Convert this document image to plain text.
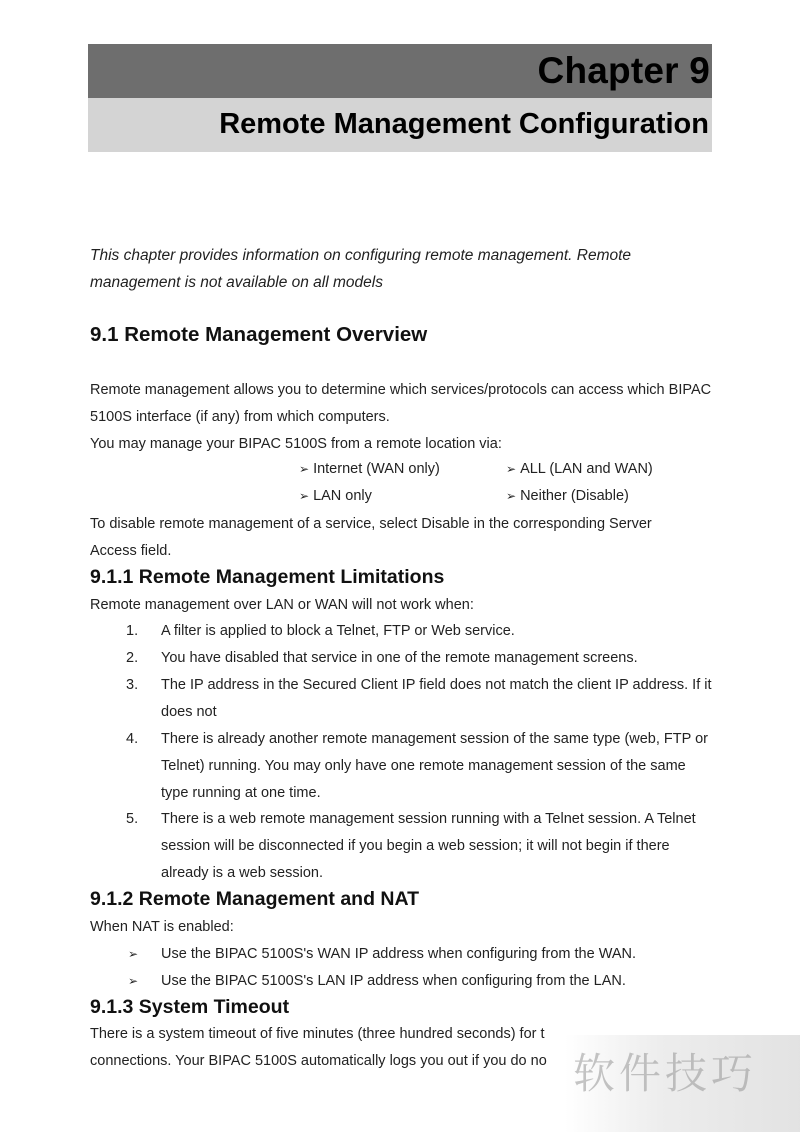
Chapter 9
Remote Management Configuration
This chapter provides information on configuring remote management. Remote management is not available on all models
9.1 Remote Management Overview
Remote management allows you to determine which services/protocols can access which BIPAC 5100S interface (if any) from which computers.
You may manage your BIPAC 5100S from a remote location via:
➢ Internet (WAN only)	➢ ALL (LAN and WAN)
➢ LAN only	➢ Neither (Disable)
To disable remote management of a service, select Disable in the corresponding Server Access field.
9.1.1 Remote Management Limitations
Remote management over LAN or WAN will not work when:
1. A filter is applied to block a Telnet, FTP or Web service.
2. You have disabled that service in one of the remote management screens.
3. The IP address in the Secured Client IP field does not match the client IP address. If it does not
4. There is already another remote management session of the same type (web, FTP or Telnet) running. You may only have one remote management session of the same type running at one time.
5. There is a web remote management session running with a Telnet session. A Telnet session will be disconnected if you begin a web session; it will not begin if there already is a web session.
9.1.2 Remote Management and NAT
When NAT is enabled:
➢ Use the BIPAC 5100S's WAN IP address when configuring from the WAN.
➢ Use the BIPAC 5100S's LAN IP address when configuring from the LAN.
9.1.3 System Timeout
There is a system timeout of five minutes (three hundred seconds) for t
connections. Your BIPAC 5100S automatically logs you out if you do no 软件技巧
